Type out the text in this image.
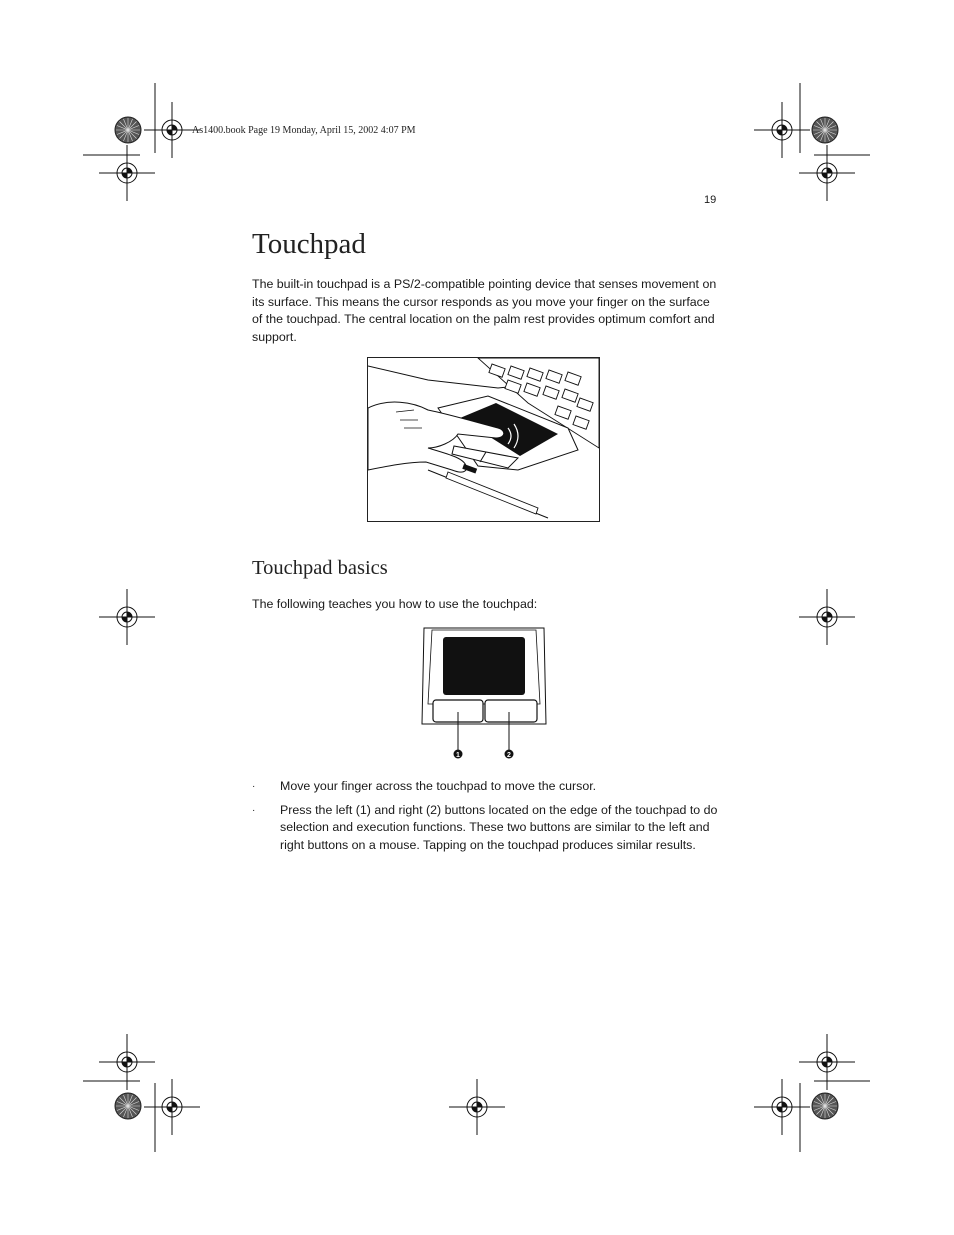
As1400.book Page 19 Monday, April 15, 2002 4:07 PM
19
Touchpad

The built-in touchpad is a PS/2-compatible pointing device that senses movement on its surface. This means the cursor responds as you move your finger on the surface of the touchpad. The central location on the palm rest provides optimum comfort and support.

Touchpad basics

The following teaches you how to use the touchpad:

1	2
· Move your finger across the touchpad to move the cursor.
· Press the left (1) and right (2) buttons located on the edge of the touchpad to do selection and execution functions. These two buttons are similar to the left and right buttons on a mouse. Tapping on the touchpad produces similar results.
